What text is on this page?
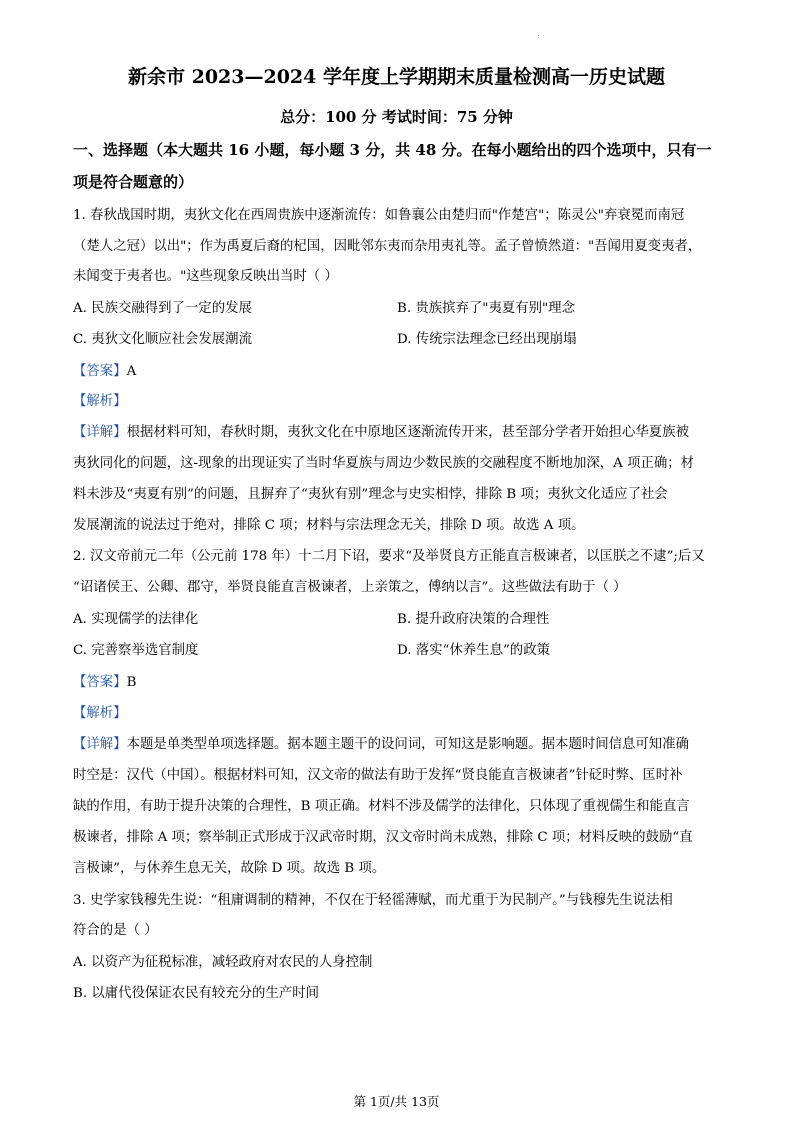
新余市 2023—2024 学年度上学期期末质量检测高一历史试题
总分：100 分 考试时间：75 分钟
一、选择题（本大题共 16 小题，每小题 3 分，共 48 分。在每小题给出的四个选项中，只有一
项是符合题意的）
1. 春秋战国时期，夷狄文化在西周贵族中逐渐流传：如鲁襄公由楚归而"作楚宫"；陈灵公"弃衰冕而南冠
（楚人之冠）以出"；作为禹夏后裔的杞国，因毗邻东夷而杂用夷礼等。孟子曾愤然道："吾闻用夏变夷者，
未闻变于夷者也。"这些现象反映出当时（ ）
A. 民族交融得到了一定的发展	B. 贵族摈弃了"夷夏有别"理念
C. 夷狄文化顺应社会发展潮流	D. 传统宗法理念已经出现崩塌
【答案】A
【解析】
【详解】根据材料可知，春秋时期，夷狄文化在中原地区逐渐流传开来，甚至部分学者开始担心华夏族被
夷狄同化的问题，这-现象的出现证实了当时华夏族与周边少数民族的交融程度不断地加深，A 项正确；材
料未涉及“夷夏有别”的问题，且摒弃了“夷狄有别”理念与史实相悖，排除 B 项；夷狄文化适应了社会
发展潮流的说法过于绝对，排除 C 项；材料与宗法理念无关，排除 D 项。故选 A 项。
2. 汉文帝前元二年（公元前 178 年）十二月下诏，要求“及举贤良方正能直言极谏者，以匡朕之不逮”;后又
“诏诸侯王、公卿、郡守，举贤良能直言极谏者，上亲策之，傅纳以言”。这些做法有助于（ ）
A. 实现儒学的法律化	B. 提升政府决策的合理性
C. 完善察举选官制度	D. 落实“休养生息”的政策
【答案】B
【解析】
【详解】本题是单类型单项选择题。据本题主题干的设问词，可知这是影响题。据本题时间信息可知准确
时空是：汉代（中国）。根据材料可知，汉文帝的做法有助于发挥“贤良能直言极谏者”针砭时弊、匡时补
缺的作用，有助于提升决策的合理性，B 项正确。材料不涉及儒学的法律化，只体现了重视儒生和能直言
极谏者，排除 A 项；察举制正式形成于汉武帝时期，汉文帝时尚未成熟，排除 C 项；材料反映的鼓励“直
言极谏”，与休养生息无关，故除 D 项。故选 B 项。
3. 史学家钱穆先生说：“租庸调制的精神，不仅在于轻徭薄赋，而尤重于为民制产。”与钱穆先生说法相
符合的是（ ）
A. 以资产为征税标准，减轻政府对农民的人身控制
B. 以庸代役保证农民有较充分的生产时间
第 1页/共 13页
